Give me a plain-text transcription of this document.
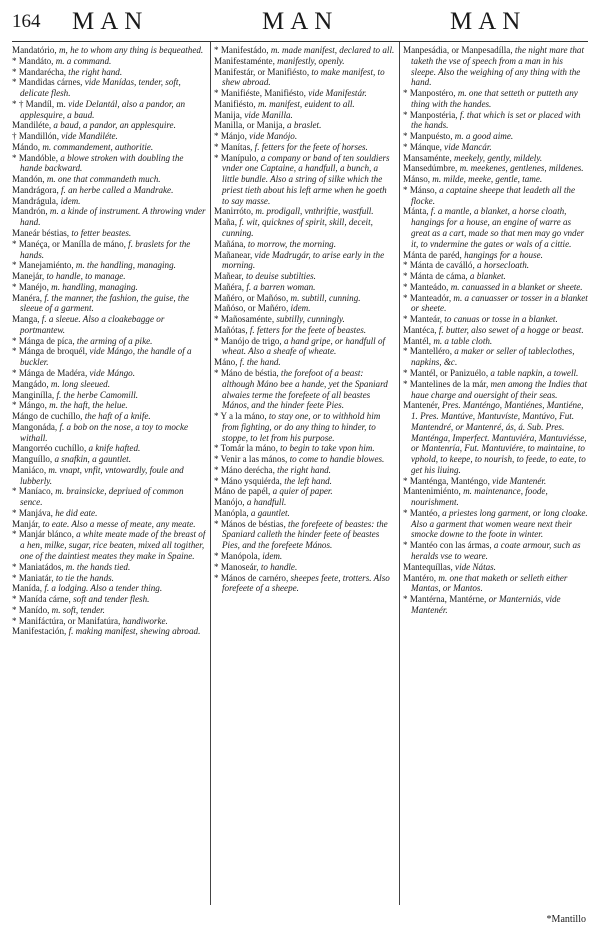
164 MAN	MAN	MAN

Mandatório, m, he to whom any thing is bequeathed.

* Mandáto, m. a command.

* Mandarécha, the right hand.

* Mandidas cárnes, vide Manídas, tender, soft, delicate flesh.

* † Mandíl, m. vide Delantál, also a pandor, an applesquire, a baud.

Mandiléte, a baud, a pandor, an applesquire.

† Mandillón, vide Mandiléte.

Mándo, m. commandement, authoritie.

* Mandóble, a blowe stroken with doubling the hande backward.

Mandón, m. one that commandeth much.

Mandrágora, f. an herbe called a Mandrake.

Mandrágula, idem.

Mandrón, m. a kinde of instrument. A throwing vnder hand.

Maneár béstias, to fetter beastes.

* Manéça, or Manílla de máno, f. braslets for the hands.

* Manejamiénto, m. the handling, managing.

Manejár, to handle, to manage.

* Manéjo, m. handling, managing.

Manéra, f. the manner, the fashion, the guise, the sleeue of a garment.

Manga, f. a sleeue. Also a cloakebagge or portmantew.

* Mánga de píca, the arming of a pike.

* Mánga de broquél, vide Mángo, the handle of a buckler.

* Mánga de Madéra, vide Mángo.

Mangádo, m. long sleeued.

Manginílla, f. the herbe Camomill.

* Mángo, m. the haft, the helue.

Mángo de cuchíllo, the haft of a knife.

Mangonáda, f. a bob on the nose, a toy to mocke withall.

Mangorréo cuchíllo, a knife hafted.

Manguíllo, a snafkin, a gauntlet.

Maniáco, m. vnapt, vnfit, vntowardly, foule and lubberly.

* Maníaco, m. brainsicke, depriued of common sence.

* Manjáva, he did eate.

Manjár, to eate. Also a messe of meate, any meate.

* Manjár blánco, a white meate made of the breast of a hen, milke, sugar, rice beaten, mixed all togither, one of the daintiest meates they make in Spaine.

* Maniatádos, m. the hands tied.

* Maniatár, to tie the hands.

Manída, f. a lodging. Also a tender thing.

* Manída cárne, soft and tender flesh.

* Manído, m. soft, tender.

* Manifáctúra, or Manifatúra, handiworke.

Manifestación, f. making manifest, shewing abroad.

* Manifestádo, m. made manifest, declared to all.

Manifestaménte, manifestly, openly.

Manifestár, or Manifiésto, to make manifest, to shew abroad.

* Manifiéste, Manifiésto, vide Manifestár.

Manifiésto, m. manifest, euident to all.

Manija, vide Manilla.

Manilla, or Manija, a braslet.

* Mánjo, vide Manójo.

* Manítas, f. fetters for the feete of horses.

* Manípulo, a company or band of ten souldiers vnder one Captaine, a handfull, a bunch, a little bundle. Also a string of silke which the priest tieth about his left arme when he goeth to say masse.

Manirróto, m. prodigall, vnthriftie, wastfull.

Maña, f. wit, quicknes of spirit, skill, deceit, cunning.

Mañána, to morrow, the morning.

Mañanear, vide Madrugár, to arise early in the morning.

Mañear, to deuise subtilties.

Mañéra, f. a barren woman.

Mañéro, or Mañóso, m. subtill, cunning.

Mañóso, or Mañéro, idem.

* Mañosaménte, subtilly, cunningly.

Mañótas, f. fetters for the feete of beastes.

* Manójo de trigo, a hand gripe, or handfull of wheat. Also a sheafe of wheate.

Máno, f. the hand.

* Máno de béstia, the forefoot of a beast: although Máno bee a hande, yet the Spaniard alwaies terme the forefeete of all beastes Mános, and the hinder feete Pies.

* Y a la máno, to stay one, or to withhold him from fighting, or do any thing to hinder, to stoppe, to let from his purpose.

* Tomár la máno, to begin to take vpon him.

* Venir a las mános, to come to handie blowes.

* Máno deréchа, the right hand.

* Máno ysquiérda, the left hand.

Máno de papél, a quier of paper.

Manójo, a handfull.

Manópla, a gauntlet.

* Mános de béstias, the forefeete of beastes: the Spaniard calleth the hinder feete of beastes Pies, and the forefeete Mános.

* Manópola, idem.

* Manoseár, to handle.

* Mános de carnéro, sheepes feete, trotters. Also forefeete of a sheepe.

Manpesádia, or Manpesadílla, the night mare that taketh the vse of speech from a man in his sleepe. Also the weighing of any thing with the hand.

* Manpostéro, m. one that setteth or putteth any thing with the handes.

* Manpostéria, f. that which is set or placed with the hands.

* Manpuésto, m. a good aime.

* Mánque, vide Mancár.

Mansaménte, meekely, gently, mildely.

Mansedúmbre, m. meekenes, gentlenes, mildenes.

Mánso, m. milde, meeke, gentle, tame.

* Mánso, a captaine sheepe that leadeth all the flocke.

Mánta, f. a mantle, a blanket, a horse cloath, hangings for a house, an engine of warre as great as a cart, made so that men may go vnder it, to vndermine the gates or wals of a cittie.

Mánta de paréd, hangings for a house.

* Mánta de caválló, a horsecloath.

* Mánta de cáma, a blanket.

* Manteádo, m. canuassed in a blanket or sheete.

* Manteadór, m. a canuasser or tosser in a blanket or sheete.

* Manteár, to canuas or tosse in a blanket.

Mantéca, f. butter, also sewet of a hogge or beast.

Mantél, m. a table cloth.

* Mantelléro, a maker or seller of tableclothes, napkins, &c.

* Mantél, or Panizuélo, a table napkin, a towell.

* Mantelines de la már, men among the Indies that haue charge and ouersight of their seas.

Mantenér, Pres. Manténgo, Mantiénes, Mantiéne, 1. Pres. Mantúve, Mantuvíste, Mantúvo, Fut. Mantendré, or Mantenré, ás, á. Sub. Pres. Manténga, Imperfect. Mantuviéra, Mantuviésse, or Mantenría, Fut. Mantuviére, to maintaine, to vphold, to keepe, to nourish, to feede, to eate, to get his liuing.

* Manténga, Manténgo, vide Mantenér.

Mantenimiénto, m. maintenance, foode, nourishment.

* Mantéo, a priestes long garment, or long cloake. Also a garment that women weare next their smocke downe to the foote in winter.

* Mantéo con las ármas, a coate armour, such as heralds vse to weare.

Mantequíllas, vide Nátas.

Mantéro, m. one that maketh or selleth either Mantas, or Mantos.

* Mantérna, Mantérne, or Manterniás, vide Mantenér.

*Mantillo
